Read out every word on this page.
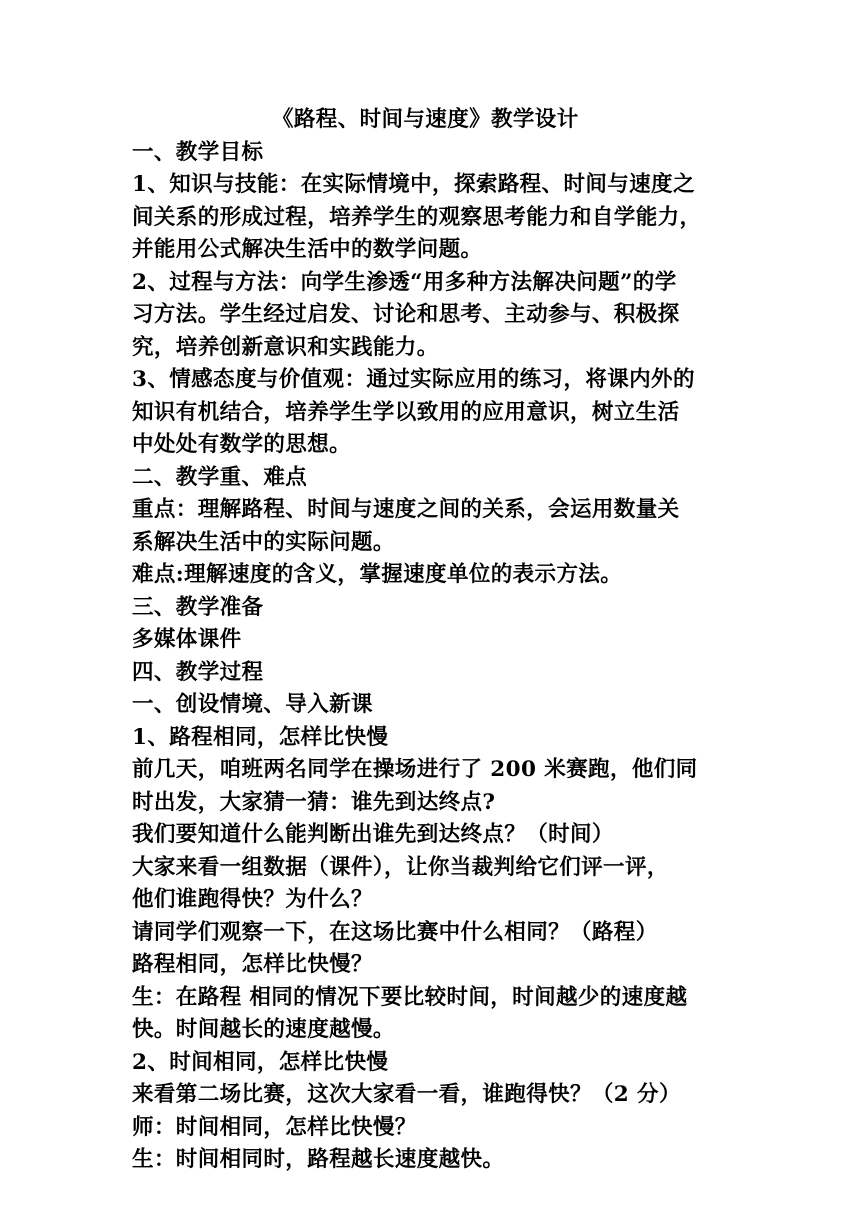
《路程、时间与速度》教学设计
一、教学目标
1、知识与技能：在实际情境中，探索路程、时间与速度之
间关系的形成过程，培养学生的观察思考能力和自学能力，
并能用公式解决生活中的数学问题。
2、过程与方法：向学生渗透“用多种方法解决问题”的学
习方法。学生经过启发、讨论和思考、主动参与、积极探
究，培养创新意识和实践能力。
3、情感态度与价值观：通过实际应用的练习，将课内外的
知识有机结合，培养学生学以致用的应用意识，树立生活
中处处有数学的思想。
二、教学重、难点
重点：理解路程、时间与速度之间的关系，会运用数量关
系解决生活中的实际问题。
难点:理解速度的含义，掌握速度单位的表示方法。
三、教学准备
多媒体课件
四、教学过程
一、创设情境、导入新课
1、路程相同，怎样比快慢
前几天，咱班两名同学在操场进行了 200 米赛跑，他们同
时出发，大家猜一猜：谁先到达终点?
我们要知道什么能判断出谁先到达终点？（时间）
大家来看一组数据（课件），让你当裁判给它们评一评，
他们谁跑得快？为什么？
请同学们观察一下，在这场比赛中什么相同？（路程）
路程相同，怎样比快慢？
生：在路程 相同的情况下要比较时间，时间越少的速度越
快。时间越长的速度越慢。
2、时间相同，怎样比快慢
来看第二场比赛，这次大家看一看，谁跑得快？（2 分）
师：时间相同，怎样比快慢？
生：时间相同时，路程越长速度越快。
